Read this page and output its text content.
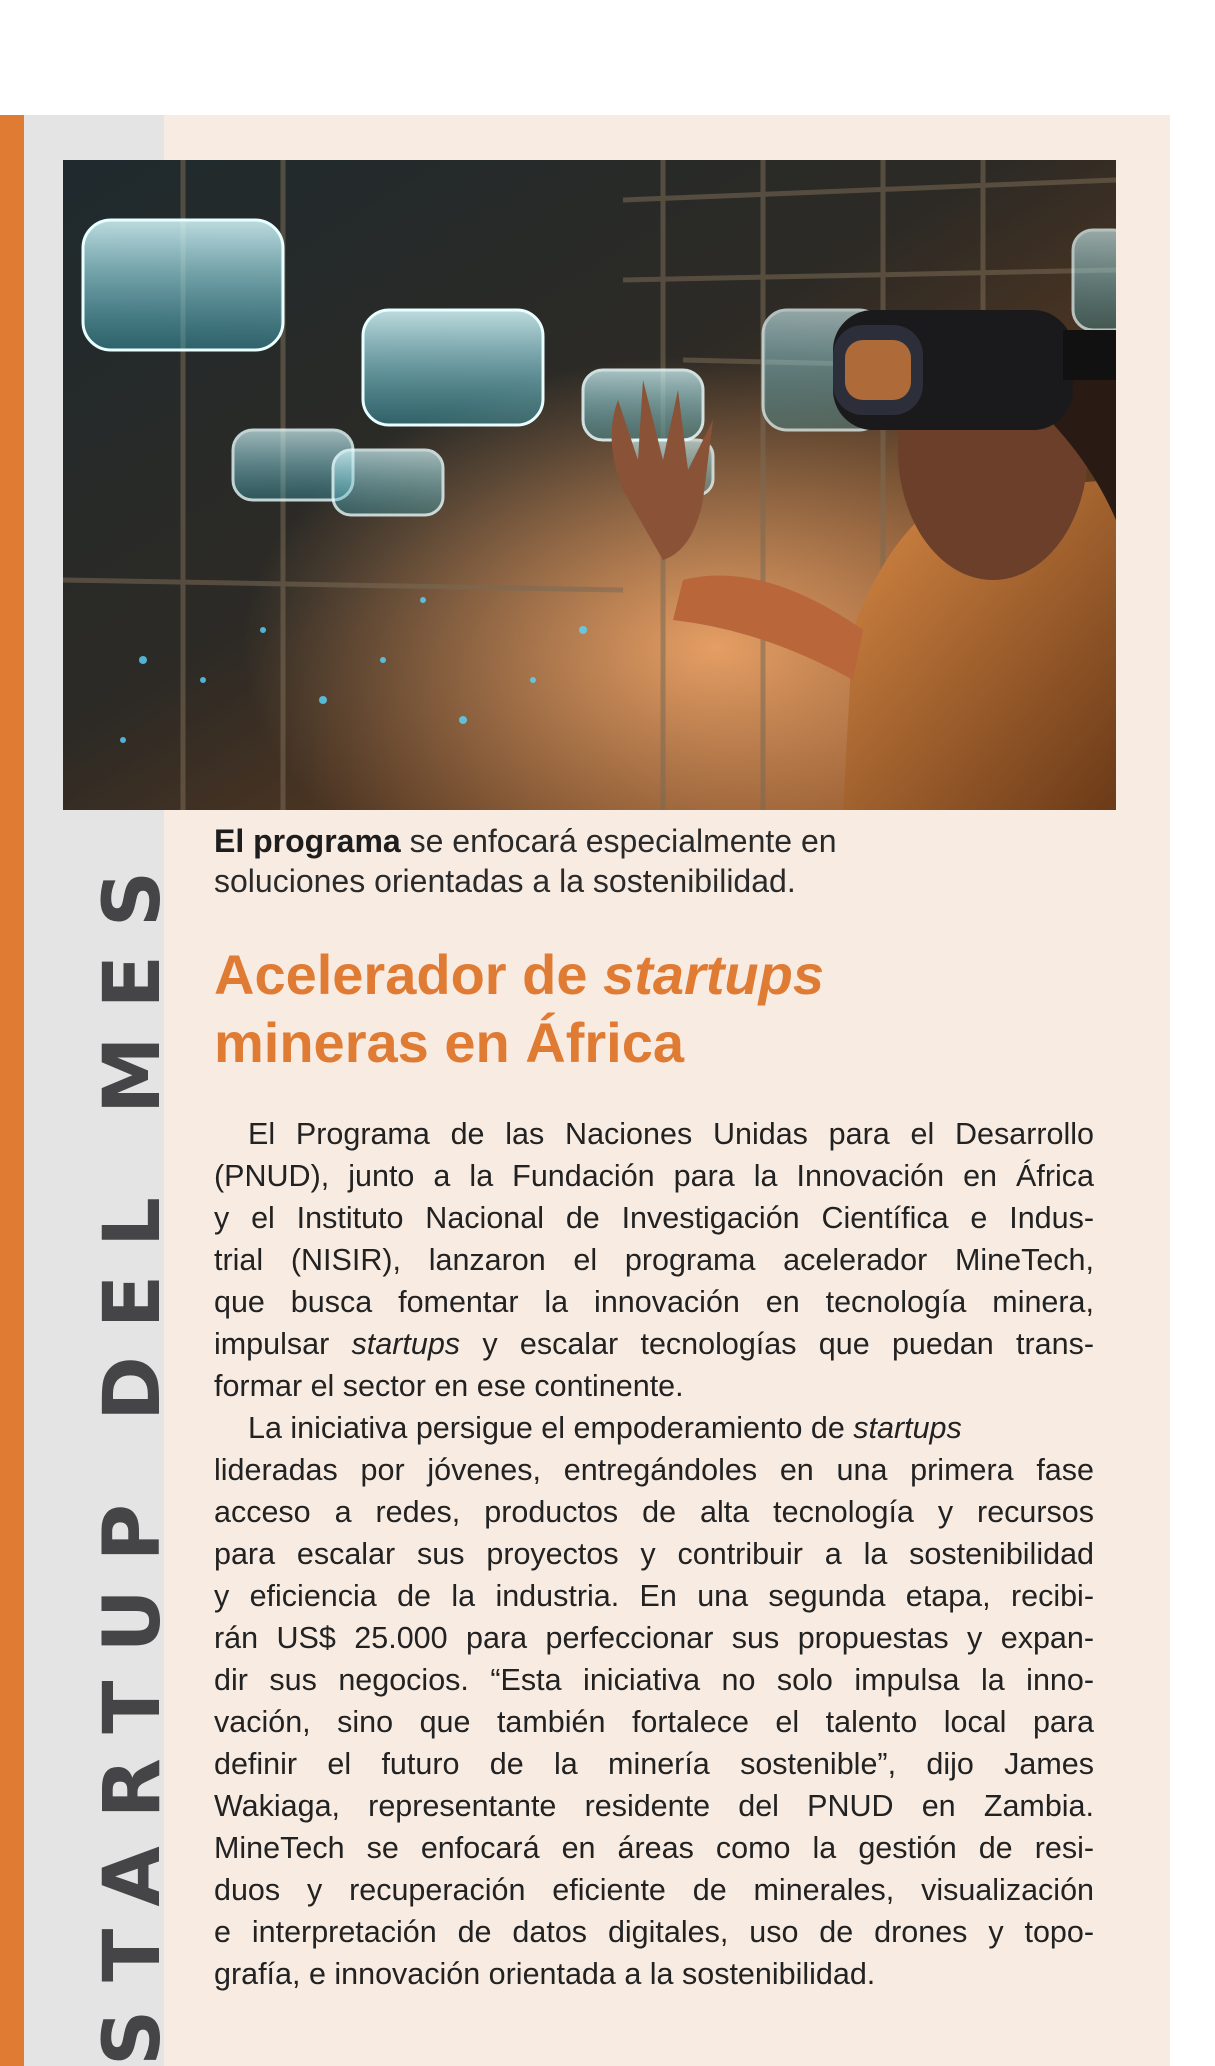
STARTUP DEL MES
El programa se enfocará especialmente en
soluciones orientadas a la sostenibilidad.
Acelerador de startups
mineras en África
El Programa de las Naciones Unidas para el Desarrollo
(PNUD), junto a la Fundación para la Innovación en África
y el Instituto Nacional de Investigación Científica e Indus-
trial (NISIR), lanzaron el programa acelerador MineTech,
que busca fomentar la innovación en tecnología minera,
impulsar startups y escalar tecnologías que puedan trans-
formar el sector en ese continente.
La iniciativa persigue el empoderamiento de startups
lideradas por jóvenes, entregándoles en una primera fase
acceso a redes, productos de alta tecnología y recursos
para escalar sus proyectos y contribuir a la sostenibilidad
y eficiencia de la industria. En una segunda etapa, recibi-
rán US$ 25.000 para perfeccionar sus propuestas y expan-
dir sus negocios. “Esta iniciativa no solo impulsa la inno-
vación, sino que también fortalece el talento local para
definir el futuro de la minería sostenible”, dijo James
Wakiaga, representante residente del PNUD en Zambia.
MineTech se enfocará en áreas como la gestión de resi-
duos y recuperación eficiente de minerales, visualización
e interpretación de datos digitales, uso de drones y topo-
grafía, e innovación orientada a la sostenibilidad.
